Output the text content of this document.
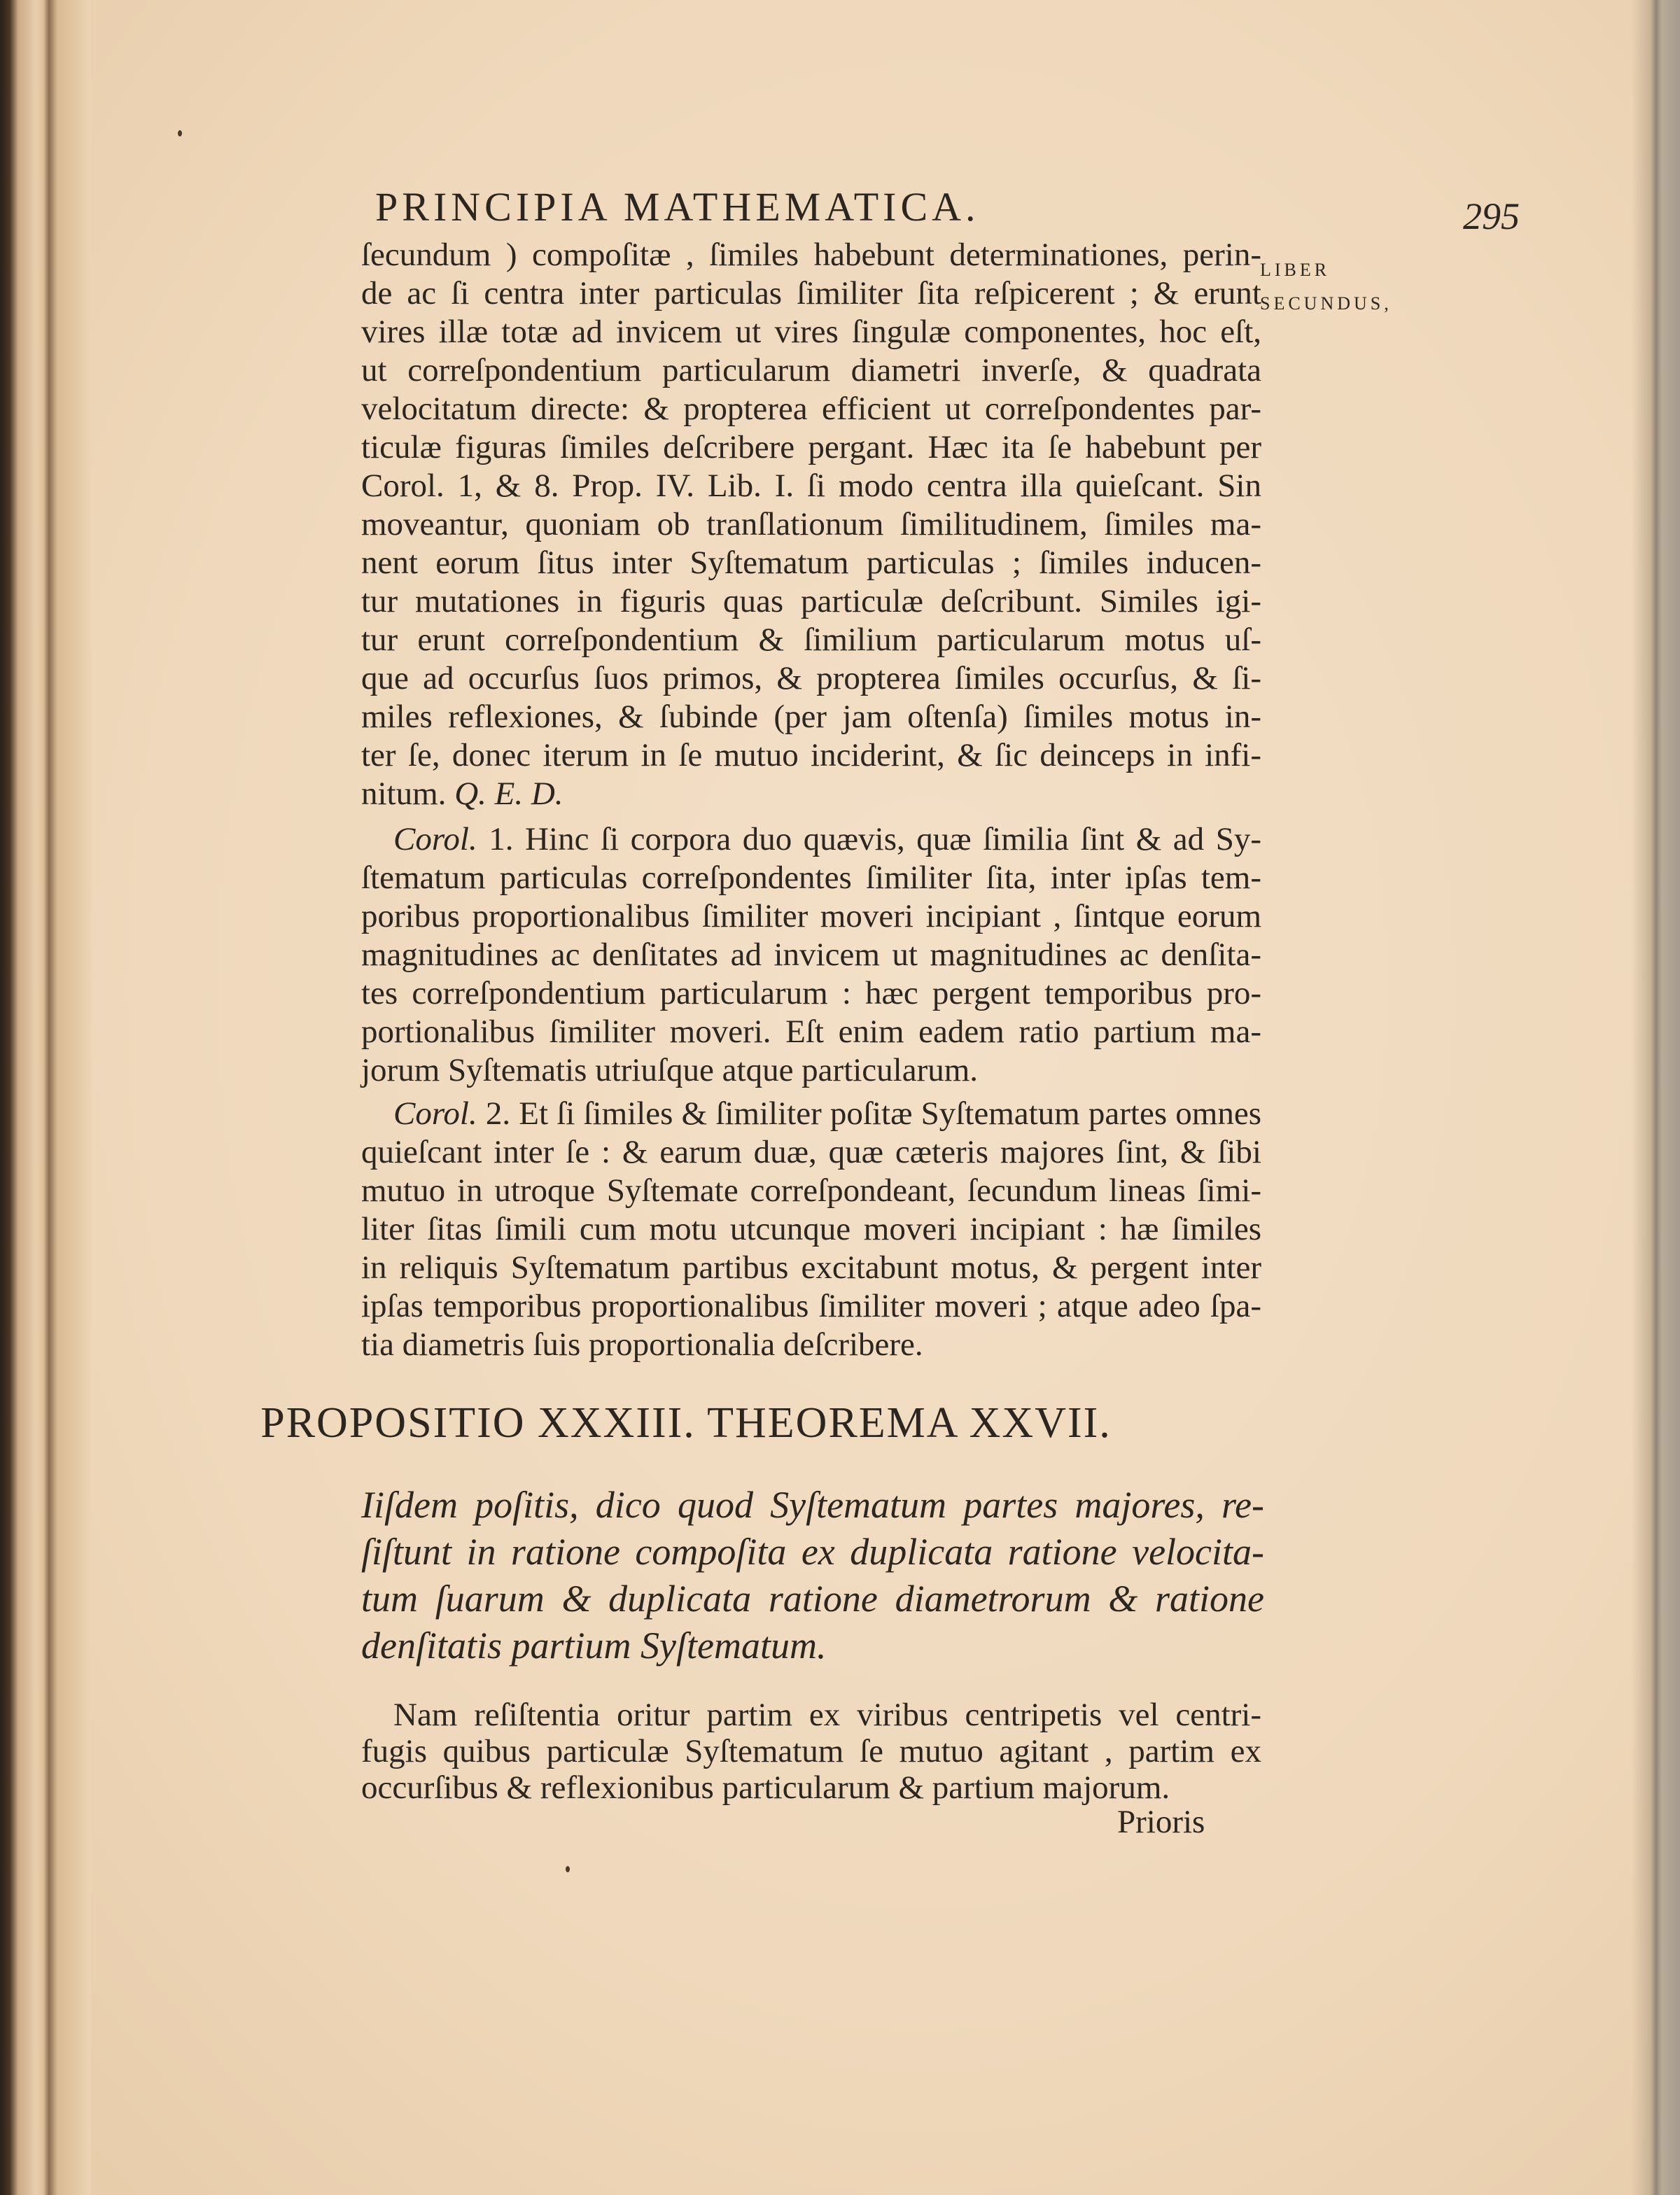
PRINCIPIA MATHEMATICA.	295
LIBER
SECUNDUS,
ſecundum ) compoſitæ , ſimiles habebunt determinationes, perin-
de ac ſi centra inter particulas ſimiliter ſita reſpicerent ; & erunt
vires illæ totæ ad invicem ut vires ſingulæ componentes, hoc eſt,
ut correſpondentium particularum diametri inverſe, & quadrata
velocitatum directe: & propterea efficient ut correſpondentes par-
ticulæ figuras ſimiles deſcribere pergant. Hæc ita ſe habebunt per
Corol. 1, & 8. Prop. IV. Lib. I. ſi modo centra illa quieſcant. Sin
moveantur, quoniam ob tranſlationum ſimilitudinem, ſimiles ma-
nent eorum ſitus inter Syſtematum particulas ; ſimiles inducen-
tur mutationes in figuris quas particulæ deſcribunt. Similes igi-
tur erunt correſpondentium & ſimilium particularum motus uſ-
que ad occurſus ſuos primos, & propterea ſimiles occurſus, & ſi-
miles reflexiones, & ſubinde (per jam oſtenſa) ſimiles motus in-
ter ſe, donec iterum in ſe mutuo inciderint, & ſic deinceps in infi-
nitum. Q. E. D.
Corol. 1. Hinc ſi corpora duo quævis, quæ ſimilia ſint & ad Sy-
ſtematum particulas correſpondentes ſimiliter ſita, inter ipſas tem-
poribus proportionalibus ſimiliter moveri incipiant , ſintque eorum
magnitudines ac denſitates ad invicem ut magnitudines ac denſita-
tes correſpondentium particularum : hæc pergent temporibus pro-
portionalibus ſimiliter moveri. Eſt enim eadem ratio partium ma-
jorum Syſtematis utriuſque atque particularum.
Corol. 2. Et ſi ſimiles & ſimiliter poſitæ Syſtematum partes omnes
quieſcant inter ſe : & earum duæ, quæ cæteris majores ſint, & ſibi
mutuo in utroque Syſtemate correſpondeant, ſecundum lineas ſimi-
liter ſitas ſimili cum motu utcunque moveri incipiant : hæ ſimiles
in reliquis Syſtematum partibus excitabunt motus, & pergent inter
ipſas temporibus proportionalibus ſimiliter moveri ; atque adeo ſpa-
tia diametris ſuis proportionalia deſcribere.
PROPOSITIO XXXIII. THEOREMA XXVII.
Iiſdem poſitis, dico quod Syſtematum partes majores, re-
ſiſtunt in ratione compoſita ex duplicata ratione velocita-
tum ſuarum & duplicata ratione diametrorum & ratione
denſitatis partium Syſtematum.
Nam reſiſtentia oritur partim ex viribus centripetis vel centri-
fugis quibus particulæ Syſtematum ſe mutuo agitant , partim ex
occurſibus & reflexionibus particularum & partium majorum.
Prioris
